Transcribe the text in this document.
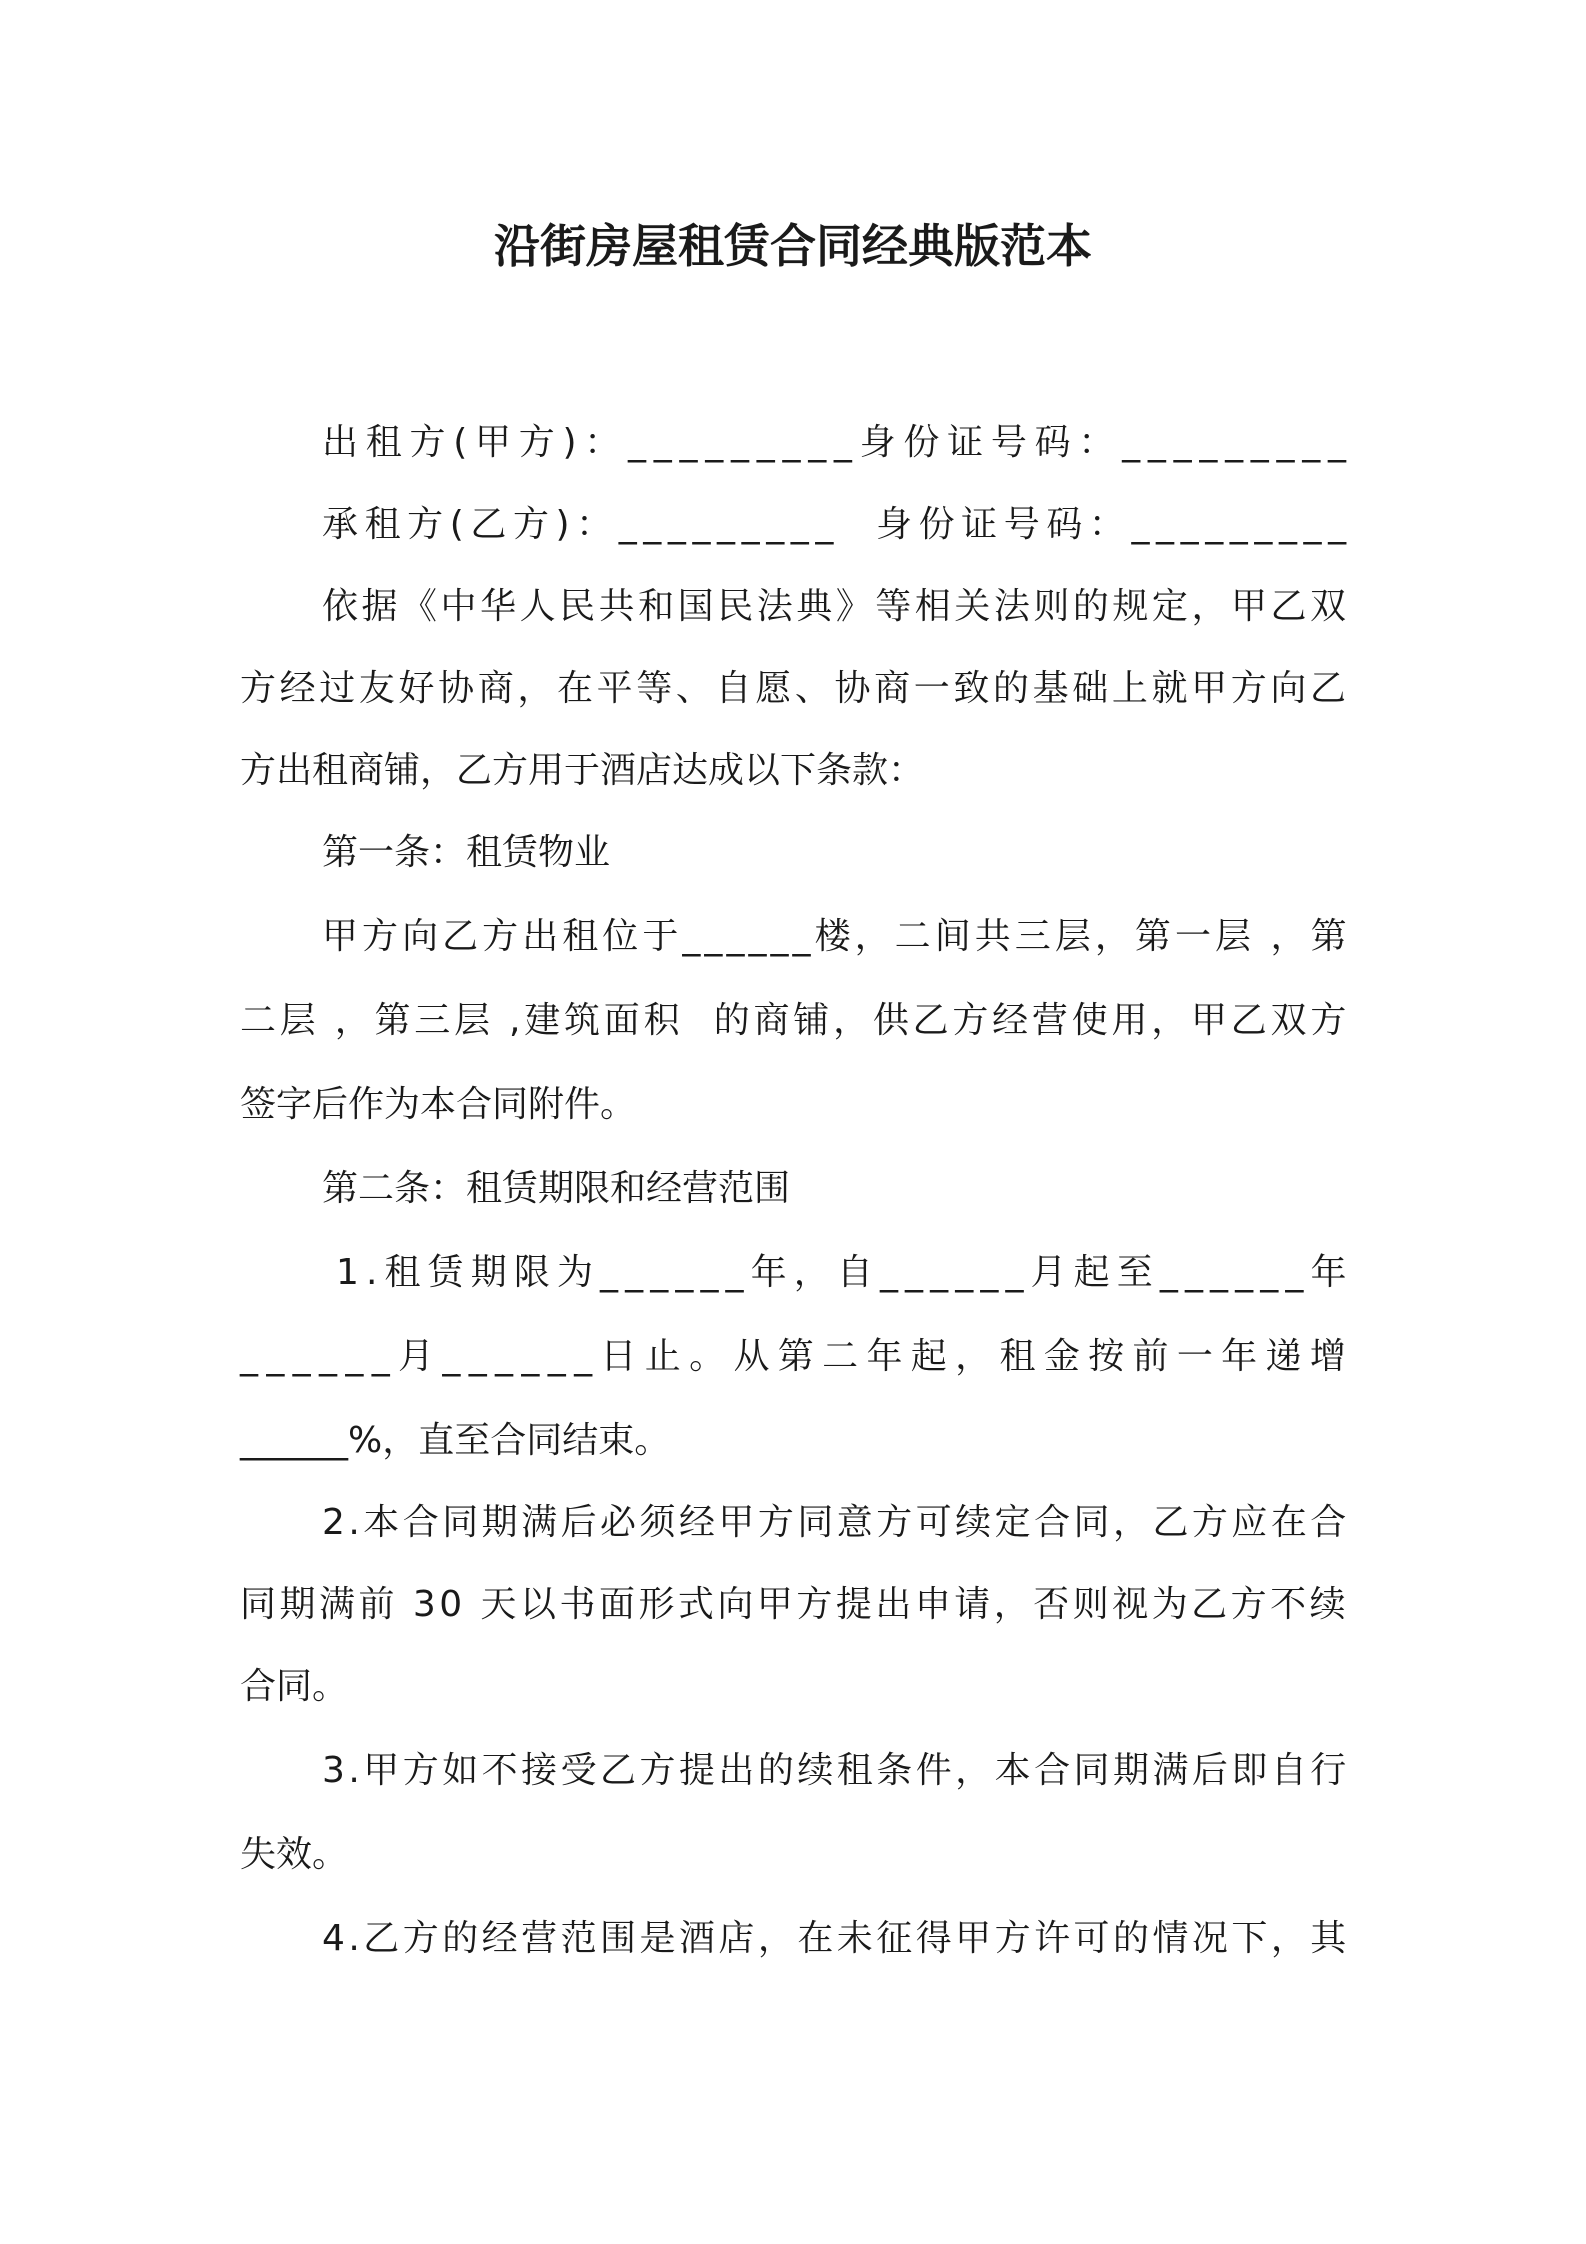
沿街房屋租赁合同经典版范本
出租方(甲方)：_________身份证号码：_________
承租方(乙方)：_________  身份证号码：_________
依据《中华人民共和国民法典》等相关法则的规定，甲乙双
方经过友好协商，在平等、自愿、协商一致的基础上就甲方向乙
方出租商铺，乙方用于酒店达成以下条款：
第一条：租赁物业
甲方向乙方出租位于______楼，二间共三层，第一层 ，第
二层 ，第三层 ,建筑面积  的商铺，供乙方经营使用，甲乙双方
签字后作为本合同附件。
第二条：租赁期限和经营范围
1.租赁期限为______年，自______月起至______年
______月______日止。从第二年起，租金按前一年递增
______%，直至合同结束。
2.本合同期满后必须经甲方同意方可续定合同，乙方应在合
同期满前 30 天以书面形式向甲方提出申请，否则视为乙方不续
合同。
3.甲方如不接受乙方提出的续租条件，本合同期满后即自行
失效。
4.乙方的经营范围是酒店，在未征得甲方许可的情况下，其
